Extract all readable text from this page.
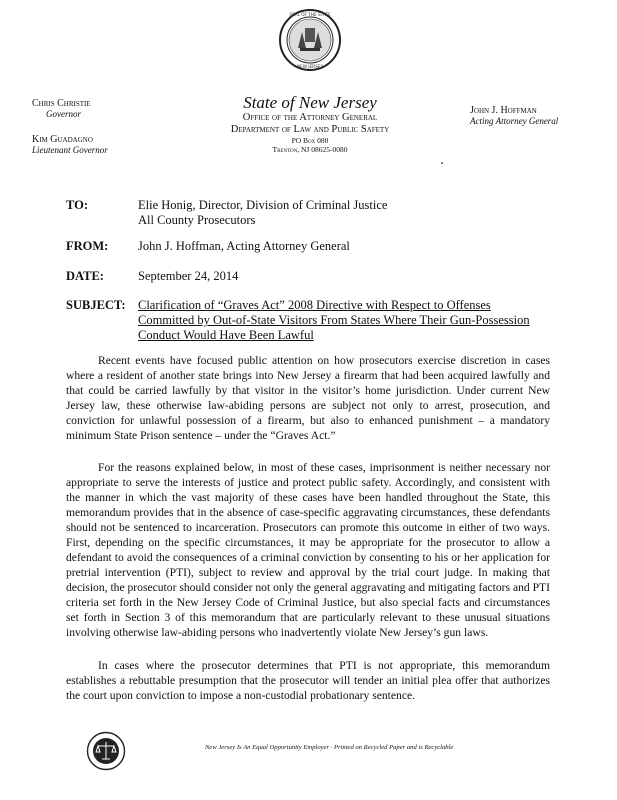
SEAL OF THE STATE
NEW JERSEY
Chris Christie
Governor
Kim Guadagno
Lieutenant Governor
State of New Jersey
Office of the Attorney General
Department of Law and Public Safety
PO Box 080
Trenton, NJ 08625-0080
John J. Hoffman
Acting Attorney General
TO:	Elie Honig, Director, Division of Criminal Justice
All County Prosecutors
FROM: John J. Hoffman, Acting Attorney General
DATE:	September 24, 2014
SUBJECT: Clarification of “Graves Act” 2008 Directive with Respect to Offenses Committed by Out-of-State Visitors From States Where Their Gun-Possession Conduct Would Have Been Lawful

Recent events have focused public attention on how prosecutors exercise discretion in cases where a resident of another state brings into New Jersey a firearm that had been acquired lawfully and that could be carried lawfully by that visitor in the visitor’s home jurisdiction. Under current New Jersey law, these otherwise law-abiding persons are subject not only to arrest, prosecution, and conviction for unlawful possession of a firearm, but also to enhanced punishment – a mandatory minimum State Prison sentence – under the “Graves Act.”

For the reasons explained below, in most of these cases, imprisonment is neither necessary nor appropriate to serve the interests of justice and protect public safety. Accordingly, and consistent with the manner in which the vast majority of these cases have been handled throughout the State, this memorandum provides that in the absence of case-specific aggravating circumstances, these defendants should not be sentenced to incarceration. Prosecutors can promote this outcome in either of two ways. First, depending on the specific circumstances, it may be appropriate for the prosecutor to allow a defendant to avoid the consequences of a criminal conviction by consenting to his or her application for pretrial intervention (PTI), subject to review and approval by the trial court judge. In making that decision, the prosecutor should consider not only the general aggravating and mitigating factors and PTI criteria set forth in the New Jersey Code of Criminal Justice, but also special facts and circumstances set forth in Section 3 of this memorandum that are particularly relevant to these unusual situations involving otherwise law-abiding persons who inadvertently violate New Jersey’s gun laws.

In cases where the prosecutor determines that PTI is not appropriate, this memorandum establishes a rebuttable presumption that the prosecutor will tender an initial plea offer that authorizes the court upon conviction to impose a non-custodial probationary sentence.

New Jersey Is An Equal Opportunity Employer · Printed on Recycled Paper and is Recyclable
